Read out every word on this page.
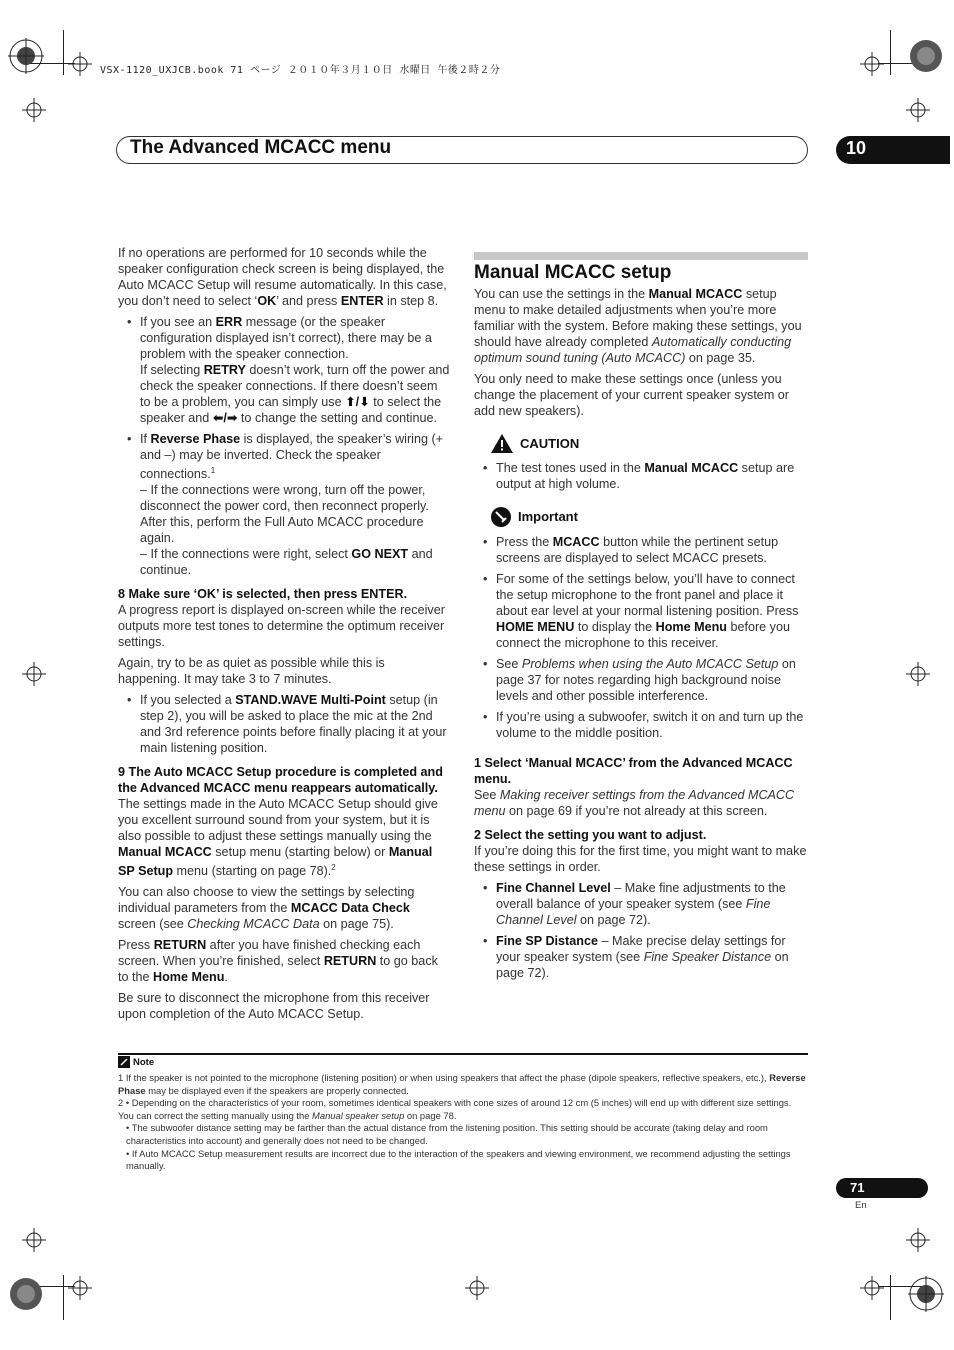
VSX-1120_UXJCB.book 71 ページ ２０１０年３月１０日 水曜日 午後２時２分
The Advanced MCACC menu	10

If no operations are performed for 10 seconds while the speaker configuration check screen is being displayed, the Auto MCACC Setup will resume automatically. In this case, you don’t need to select ‘OK’ and press ENTER in step 8.

• If you see an ERR message (or the speaker configuration displayed isn’t correct), there may be a problem with the speaker connection.
If selecting RETRY doesn’t work, turn off the power and check the speaker connections. If there doesn’t seem to be a problem, you can simply use ⬆/⬇ to select the speaker and ⬅/➡ to change the setting and continue.
• If Reverse Phase is displayed, the speaker’s wiring (+ and –) may be inverted. Check the speaker connections.$^1$
– If the connections were wrong, turn off the power, disconnect the power cord, then reconnect properly. After this, perform the Full Auto MCACC procedure again.
– If the connections were right, select GO NEXT and continue.

8 Make sure ‘OK’ is selected, then press ENTER.

A progress report is displayed on-screen while the receiver outputs more test tones to determine the optimum receiver settings.

Again, try to be as quiet as possible while this is happening. It may take 3 to 7 minutes.

• If you selected a STAND.WAVE Multi-Point setup (in step 2), you will be asked to place the mic at the 2nd and 3rd reference points before finally placing it at your main listening position.

9 The Auto MCACC Setup procedure is completed and the Advanced MCACC menu reappears automatically.

The settings made in the Auto MCACC Setup should give you excellent surround sound from your system, but it is also possible to adjust these settings manually using the Manual MCACC setup menu (starting below) or Manual SP Setup menu (starting on page 78).$^2$

You can also choose to view the settings by selecting individual parameters from the MCACC Data Check screen (see Checking MCACC Data on page 75).

Press RETURN after you have finished checking each screen. When you’re finished, select RETURN to go back to the Home Menu.

Be sure to disconnect the microphone from this receiver upon completion of the Auto MCACC Setup.

Manual MCACC setup

You can use the settings in the Manual MCACC setup menu to make detailed adjustments when you’re more familiar with the system. Before making these settings, you should have already completed Automatically conducting optimum sound tuning (Auto MCACC) on page 35.

You only need to make these settings once (unless you change the placement of your current speaker system or add new speakers).

CAUTION
• The test tones used in the Manual MCACC setup are output at high volume.
Important
• Press the MCACC button while the pertinent setup screens are displayed to select MCACC presets.
• For some of the settings below, you’ll have to connect the setup microphone to the front panel and place it about ear level at your normal listening position. Press HOME MENU to display the Home Menu before you connect the microphone to this receiver.
• See Problems when using the Auto MCACC Setup on page 37 for notes regarding high background noise levels and other possible interference.
• If you’re using a subwoofer, switch it on and turn up the volume to the middle position.

1 Select ‘Manual MCACC’ from the Advanced MCACC menu.

See Making receiver settings from the Advanced MCACC menu on page 69 if you’re not already at this screen.

2 Select the setting you want to adjust.

If you’re doing this for the first time, you might want to make these settings in order.

• Fine Channel Level – Make fine adjustments to the overall balance of your speaker system (see Fine Channel Level on page 72).
• Fine SP Distance – Make precise delay settings for your speaker system (see Fine Speaker Distance on page 72).
Note

1 If the speaker is not pointed to the microphone (listening position) or when using speakers that affect the phase (dipole speakers, reflective speakers, etc.), Reverse Phase may be displayed even if the speakers are properly connected.

2 • Depending on the characteristics of your room, sometimes identical speakers with cone sizes of around 12 cm (5 inches) will end up with different size settings. You can correct the setting manually using the Manual speaker setup on page 78.

• The subwoofer distance setting may be farther than the actual distance from the listening position. This setting should be accurate (taking delay and room characteristics into account) and generally does not need to be changed.

• If Auto MCACC Setup measurement results are incorrect due to the interaction of the speakers and viewing environment, we recommend adjusting the settings manually.

71
En
